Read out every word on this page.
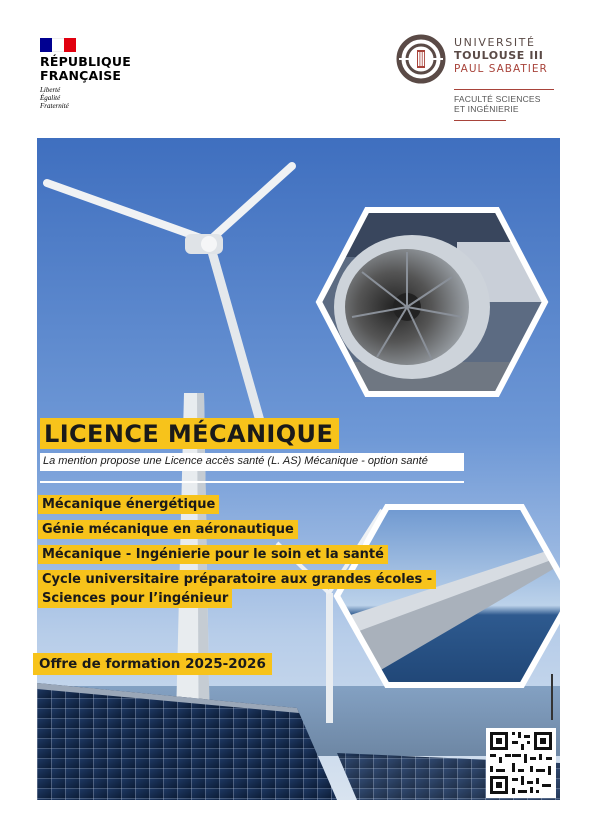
RÉPUBLIQUE
FRANÇAISE
Liberté
Égalité
Fraternité
UNIVERSITÉ
TOULOUSE III
PAUL SABATIER
FACULTÉ SCIENCES
ET INGÉNIERIE
LICENCE MÉCANIQUE
La mention propose une Licence accès santé (L. AS) Mécanique - option santé
Mécanique énergétique
Génie mécanique en aéronautique
Mécanique - Ingénierie pour le soin et la santé
Cycle universitaire préparatoire aux grandes écoles -
Sciences pour l’ingénieur
Offre de formation 2025-2026
